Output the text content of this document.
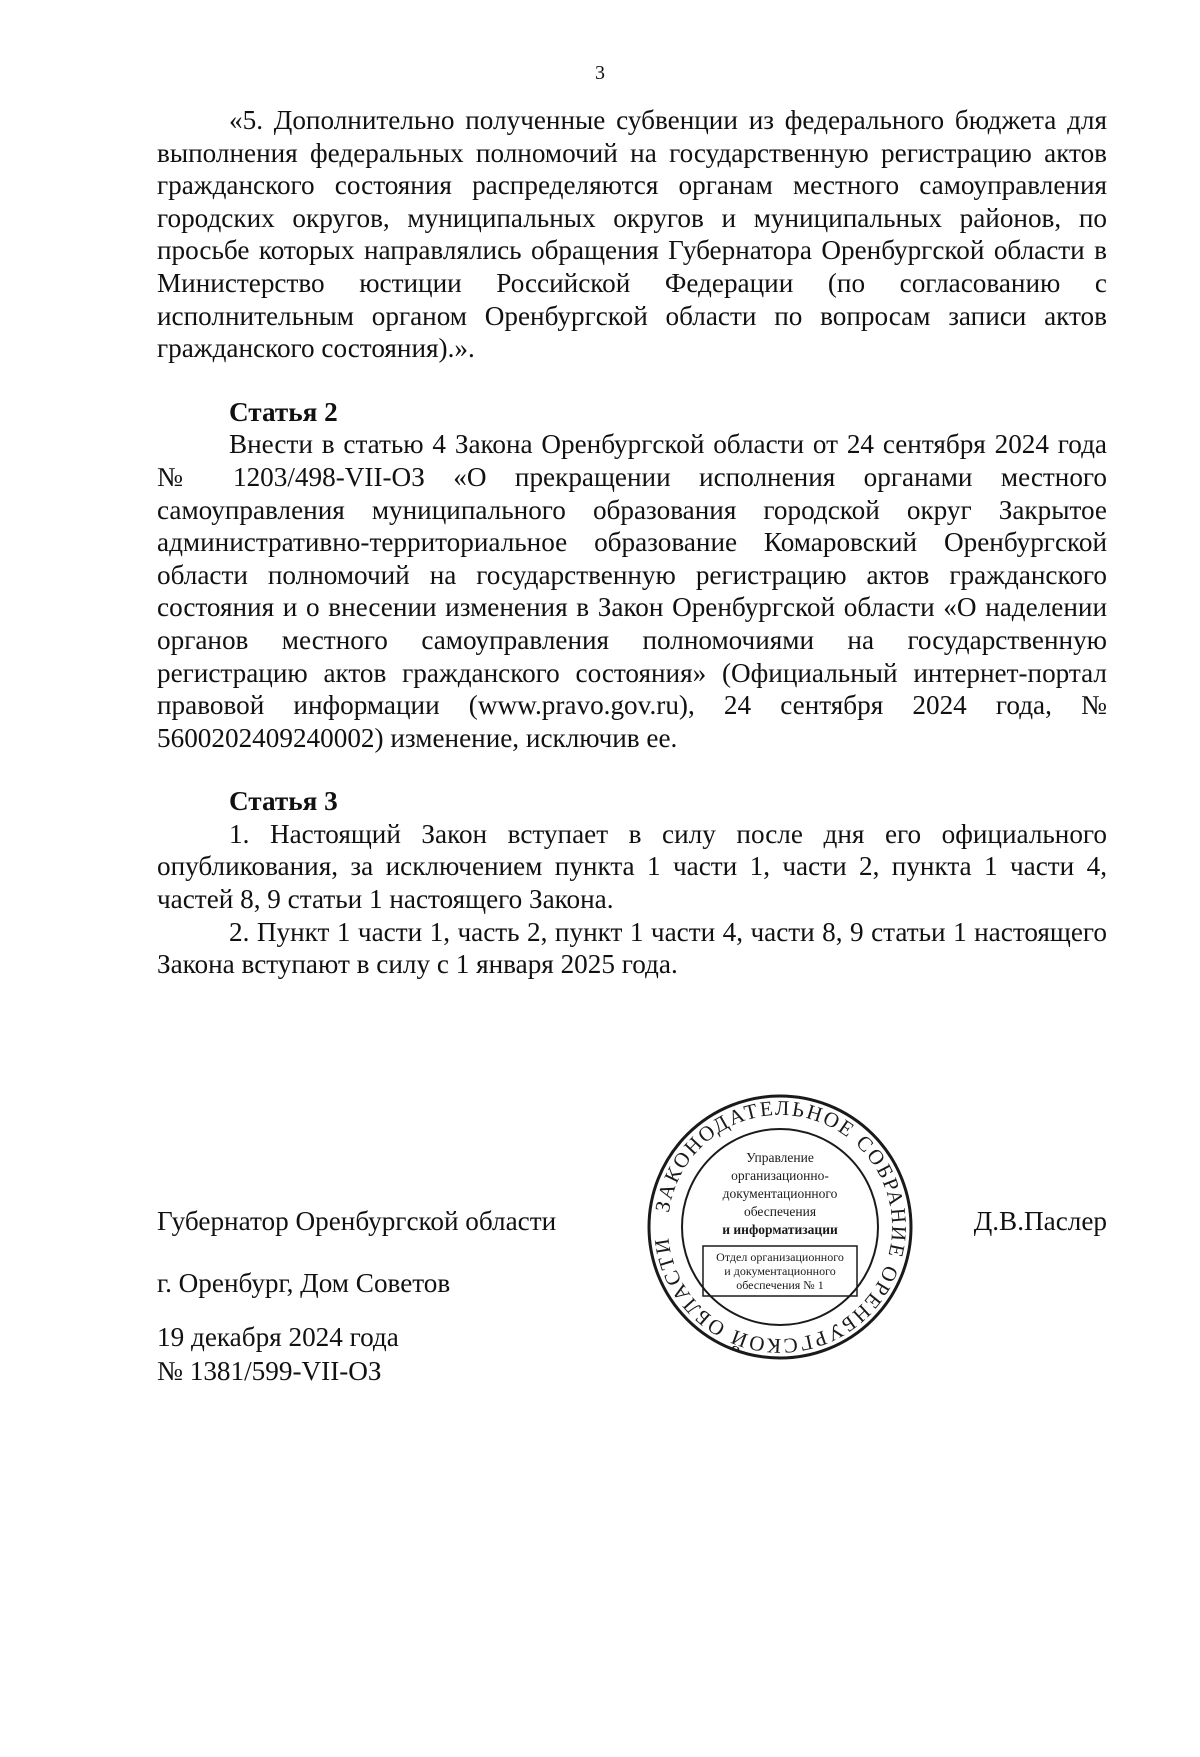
3

«5. Дополнительно полученные субвенции из федерального бюджета для выполнения федеральных полномочий на государственную регистрацию актов гражданского состояния распределяются органам местного самоуправления городских округов, муниципальных округов и муниципальных районов, по просьбе которых направлялись обращения Губернатора Оренбургской области в Министерство юстиции Российской Федерации (по согласованию с исполнительным органом Оренбургской области по вопросам записи актов гражданского состояния).».

Статья 2

Внести в статью 4 Закона Оренбургской области от 24 сентября 2024 года № 1203/498-VII-ОЗ «О прекращении исполнения органами местного самоуправления муниципального образования городской округ Закрытое административно-территориальное образование Комаровский Оренбургской области полномочий на государственную регистрацию актов гражданского состояния и о внесении изменения в Закон Оренбургской области «О наделении органов местного самоуправления полномочиями на государственную регистрацию актов гражданского состояния» (Официальный интернет-портал правовой информации (www.pravo.gov.ru), 24 сентября 2024 года, № 5600202409240002) изменение, исключив ее.

Статья 3

1. Настоящий Закон вступает в силу после дня его официального опубликования, за исключением пункта 1 части 1, части 2, пункта 1 части 4, частей 8, 9 статьи 1 настоящего Закона.

2. Пункт 1 части 1, часть 2, пункт 1 части 4, части 8, 9 статьи 1 настоящего Закона вступают в силу с 1 января 2025 года.

Губернатор Оренбургской области	Д.В.Паслер
г. Оренбург, Дом Советов
19 декабря 2024 года
№ 1381/599-VII-ОЗ
ЗАКОНОДАТЕЛЬНОЕ СОБРАНИЕ ОРЕНБУРГСКОЙ ОБЛАСТИ
Управление
организационно-
документационного
обеспечения
и информатизации
Отдел организационного
и документационного
обеспечения № 1
